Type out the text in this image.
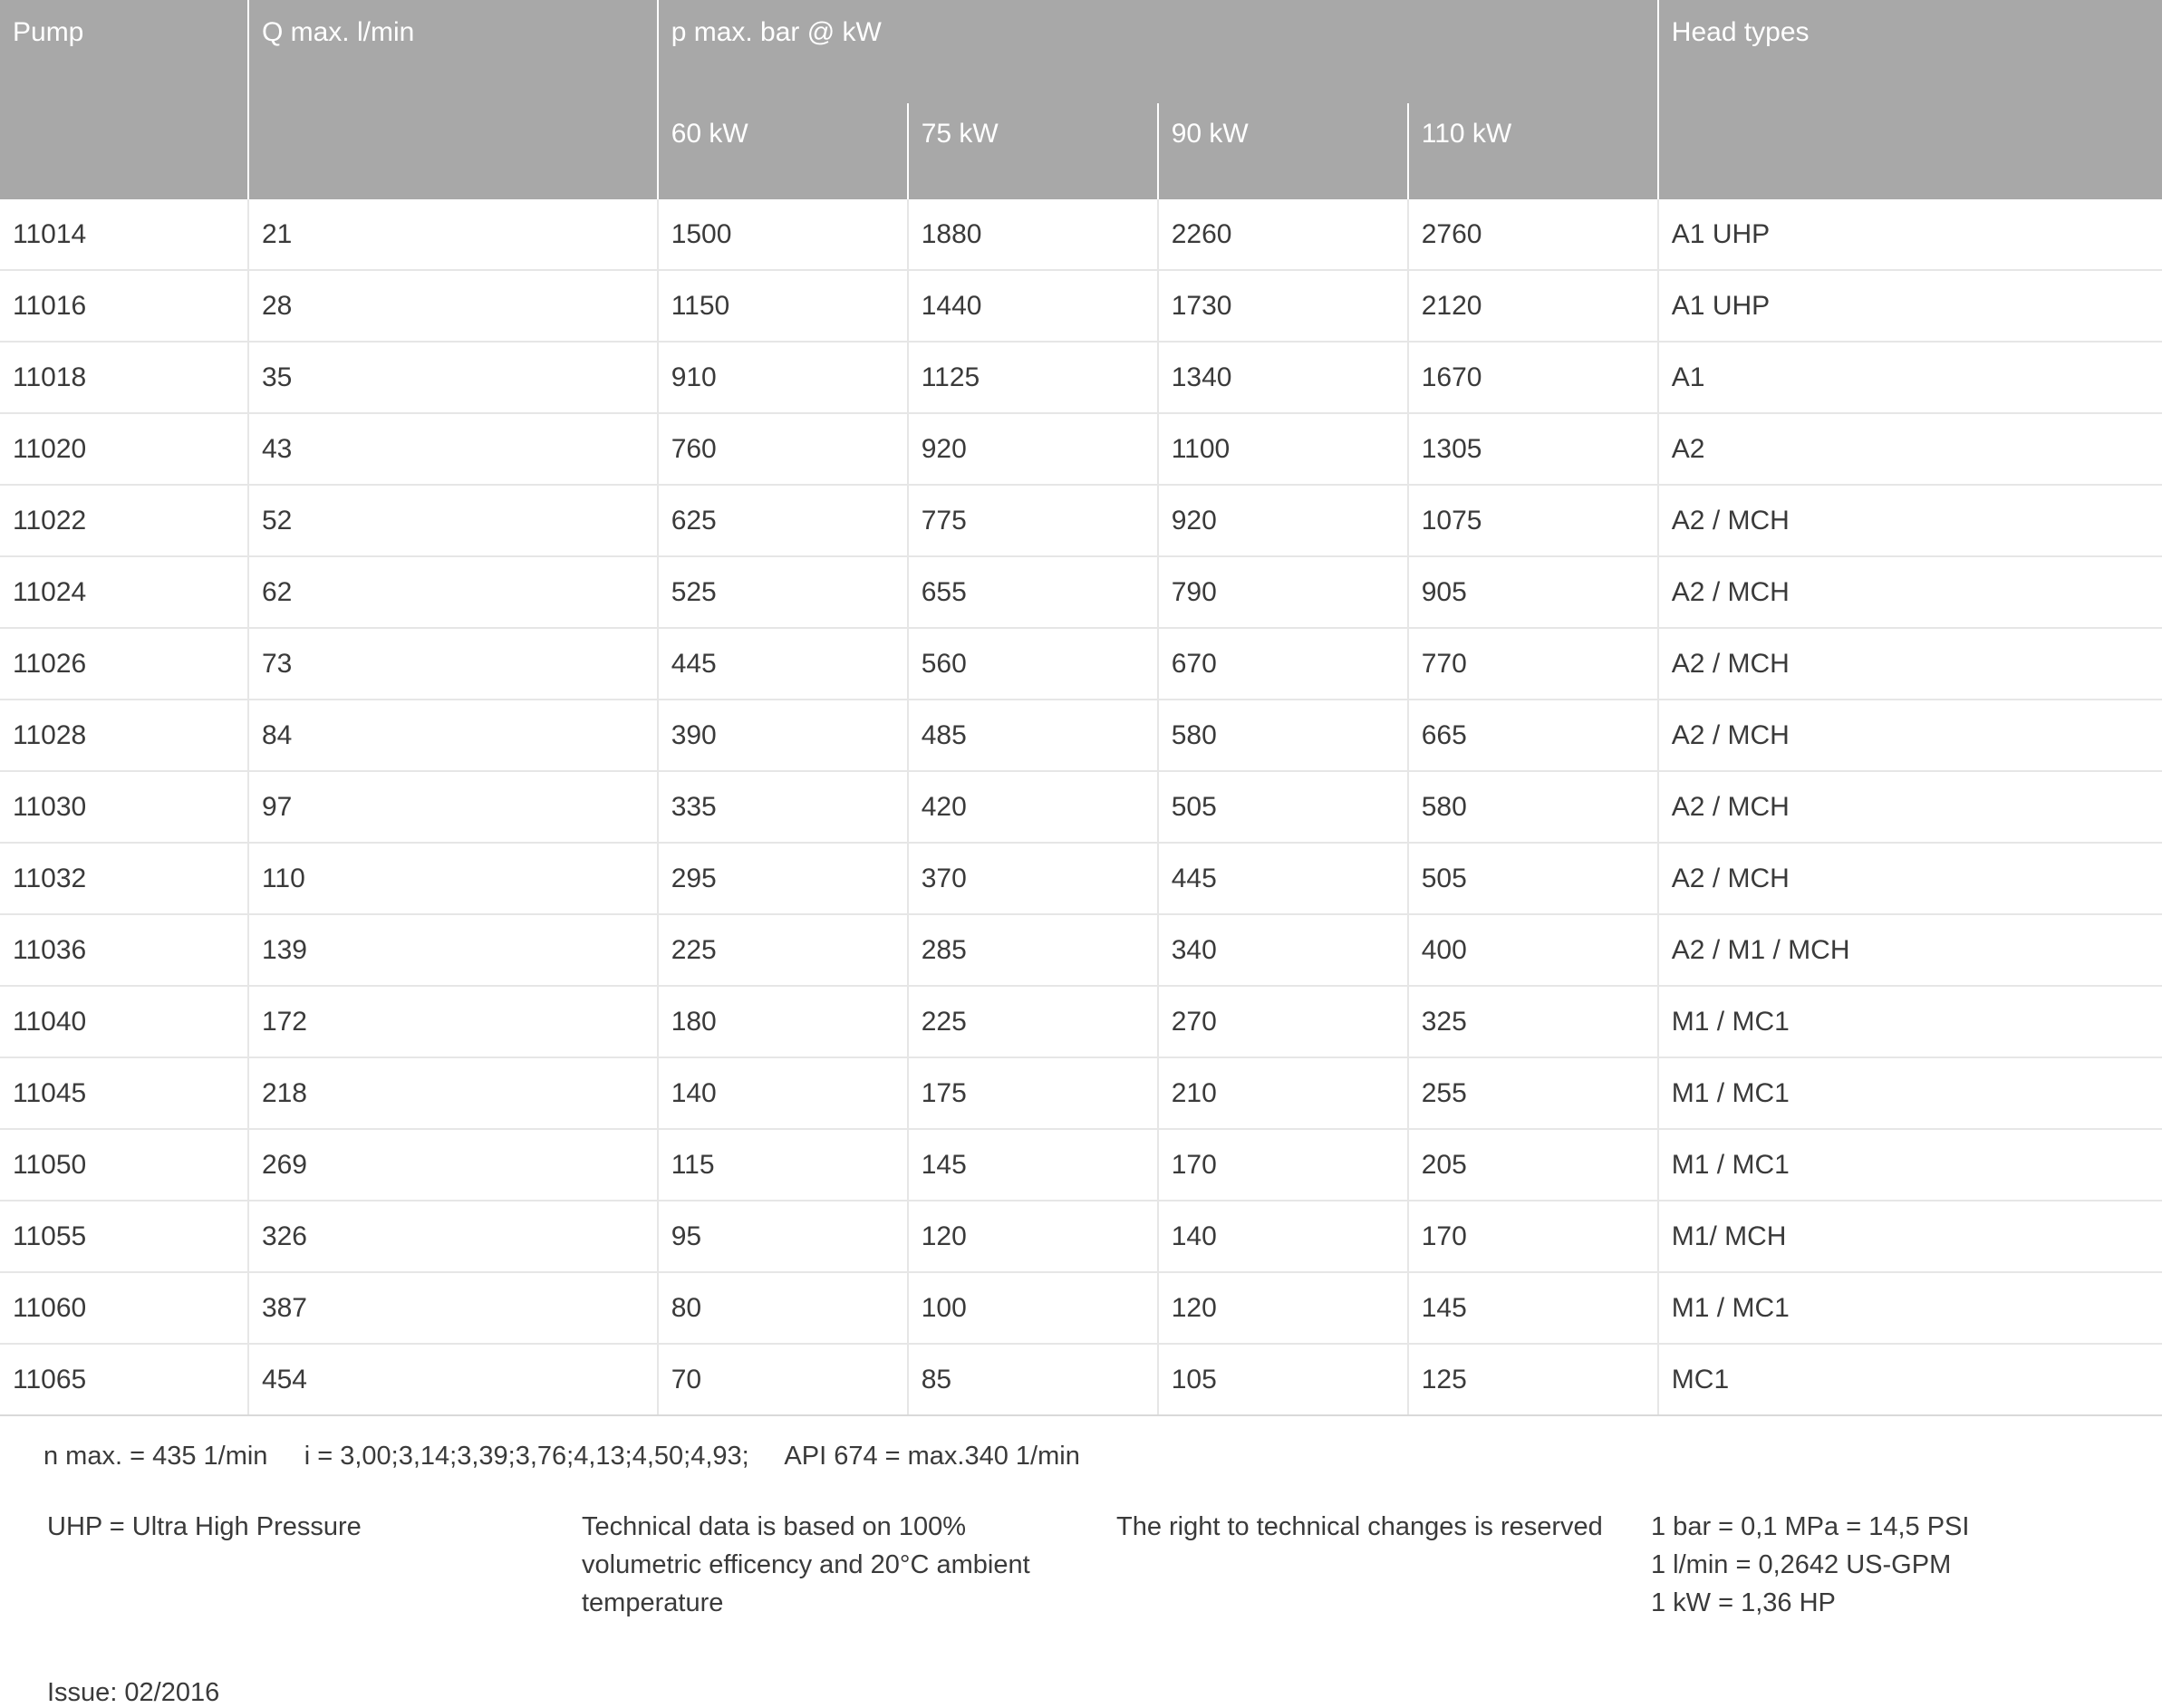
Pump	Q max. l/min	p max. bar @ kW				Head types
		60 kW	75 kW	90 kW	110 kW	
11014	21	1500	1880	2260	2760	A1 UHP
11016	28	1150	1440	1730	2120	A1 UHP
11018	35	910	1125	1340	1670	A1
11020	43	760	920	1100	1305	A2
11022	52	625	775	920	1075	A2 / MCH
11024	62	525	655	790	905	A2 / MCH
11026	73	445	560	670	770	A2 / MCH
11028	84	390	485	580	665	A2 / MCH
11030	97	335	420	505	580	A2 / MCH
11032	110	295	370	445	505	A2 / MCH
11036	139	225	285	340	400	A2 / M1 / MCH
11040	172	180	225	270	325	M1 / MC1
11045	218	140	175	210	255	M1 / MC1
11050	269	115	145	170	205	M1 / MC1
11055	326	95	120	140	170	M1/ MCH
11060	387	80	100	120	145	M1 / MC1
11065	454	70	85	105	125	MC1
n max. = 435 1/min     i = 3,00;3,14;3,39;3,76;4,13;4,50;4,93;     API 674 = max.340 1/min
UHP = Ultra High Pressure	Technical data is based on 100%
volumetric efficency and 20°C ambient
temperature
The right to technical changes is reserved	1 bar = 0,1 MPa = 14,5 PSI
1 l/min = 0,2642 US-GPM
1 kW = 1,36 HP
Issue: 02/2016
